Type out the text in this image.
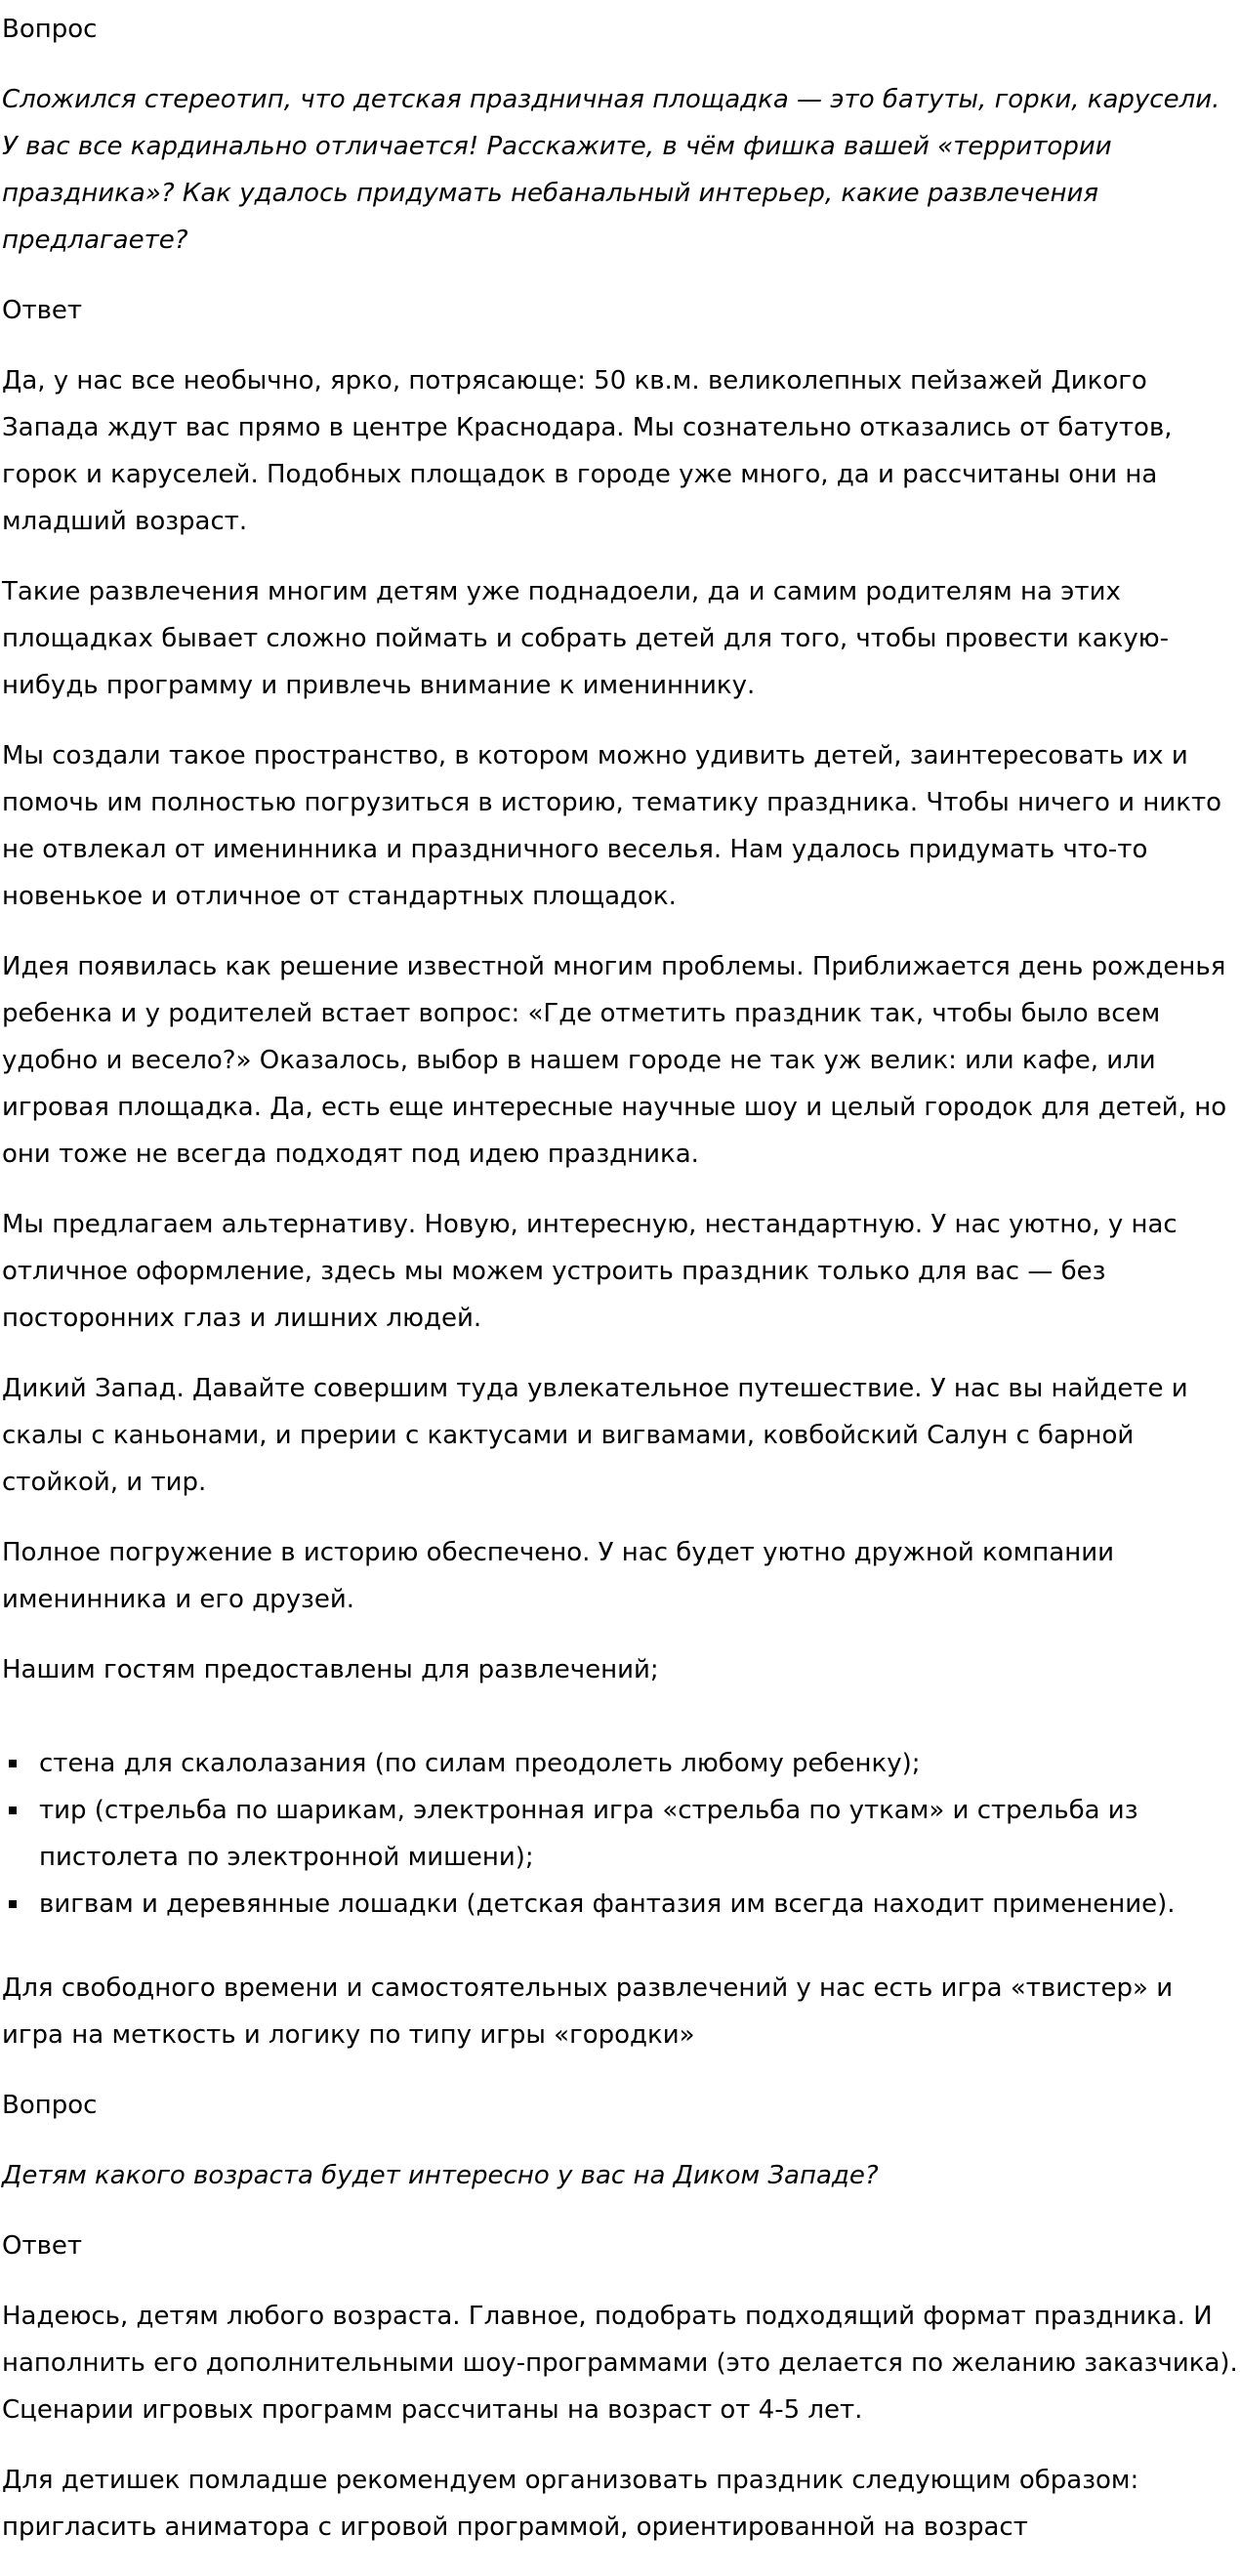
Вопрос

Сложился стереотип, что детская праздничная площадка — это батуты, горки, карусели. У вас все кардинально отличается! Расскажите, в чём фишка вашей «территории праздника»? Как удалось придумать небанальный интерьер, какие развлечения предлагаете?

Ответ

Да, у нас все необычно, ярко, потрясающе: 50 кв.м. великолепных пейзажей Дикого Запада ждут вас прямо в центре Краснодара. Мы сознательно отказались от батутов, горок и каруселей. Подобных площадок в городе уже много, да и рассчитаны они на младший возраст.

Такие развлечения многим детям уже поднадоели, да и самим родителям на этих площадках бывает сложно поймать и собрать детей для того, чтобы провести какую-нибудь программу и привлечь внимание к имениннику.

Мы создали такое пространство, в котором можно удивить детей, заинтересовать их и помочь им полностью погрузиться в историю, тематику праздника. Чтобы ничего и никто не отвлекал от именинника и праздничного веселья. Нам удалось придумать что-то новенькое и отличное от стандартных площадок.

Идея появилась как решение известной многим проблемы. Приближается день рожденья ребенка и у родителей встает вопрос: «Где отметить праздник так, чтобы было всем удобно и весело?» Оказалось, выбор в нашем городе не так уж велик: или кафе, или игровая площадка. Да, есть еще интересные научные шоу и целый городок для детей, но они тоже не всегда подходят под идею праздника.

Мы предлагаем альтернативу. Новую, интересную, нестандартную. У нас уютно, у нас отличное оформление, здесь мы можем устроить праздник только для вас — без посторонних глаз и лишних людей.

Дикий Запад. Давайте совершим туда увлекательное путешествие. У нас вы найдете и скалы с каньонами, и прерии с кактусами и вигвамами, ковбойский Салун с барной стойкой, и тир.

Полное погружение в историю обеспечено. У нас будет уютно дружной компании именинника и его друзей.

Нашим гостям предоставлены для развлечений;

стена для скалолазания (по силам преодолеть любому ребенку);
тир (стрельба по шарикам, электронная игра «стрельба по уткам» и стрельба из пистолета по электронной мишени);
вигвам и деревянные лошадки (детская фантазия им всегда находит применение).

Для свободного времени и самостоятельных развлечений у нас есть игра «твистер» и игра на меткость и логику по типу игры «городки»

Вопрос

Детям какого возраста будет интересно у вас на Диком Западе?

Ответ

Надеюсь, детям любого возраста. Главное, подобрать подходящий формат праздника. И наполнить его дополнительными шоу-программами (это делается по желанию заказчика). Сценарии игровых программ рассчитаны на возраст от 4-5 лет.

Для детишек помладше рекомендуем организовать праздник следующим образом: пригласить аниматора с игровой программой, ориентированной на возраст
